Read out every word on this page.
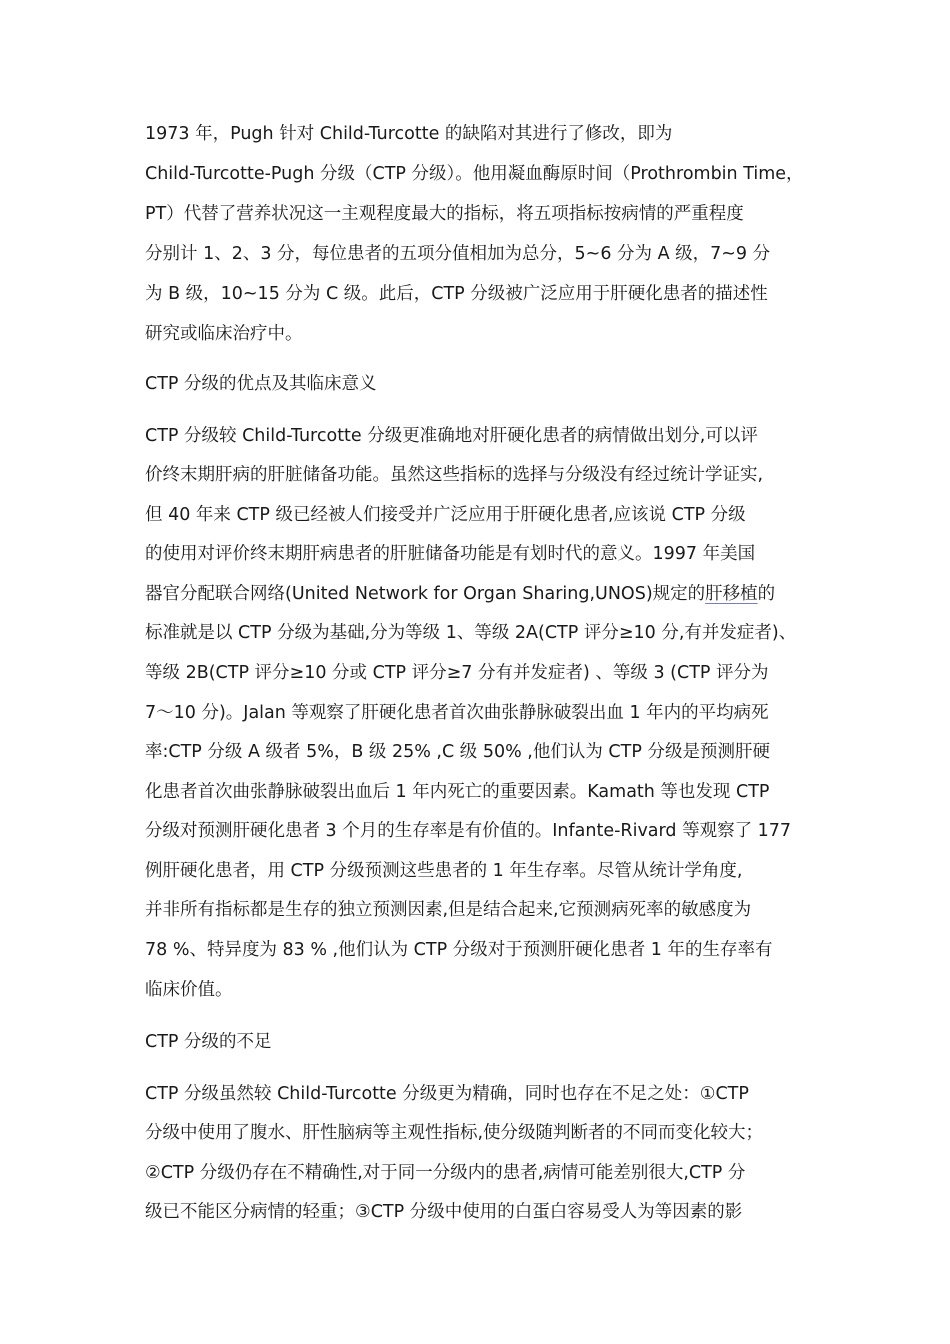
1973 年，Pugh 针对 Child-Turcotte 的缺陷对其进行了修改，即为
Child-Turcotte-Pugh 分级（CTP 分级）。他用凝血酶原时间（Prothrombin Time，
PT）代替了营养状况这一主观程度最大的指标，将五项指标按病情的严重程度
分别计 1、2、3 分，每位患者的五项分值相加为总分，5~6 分为 A 级，7~9 分
为 B 级，10~15 分为 C 级。此后，CTP 分级被广泛应用于肝硬化患者的描述性
研究或临床治疗中。
CTP 分级的优点及其临床意义
CTP 分级较 Child-Turcotte 分级更准确地对肝硬化患者的病情做出划分,可以评
价终末期肝病的肝脏储备功能。虽然这些指标的选择与分级没有经过统计学证实,
但 40 年来 CTP 级已经被人们接受并广泛应用于肝硬化患者,应该说 CTP 分级
的使用对评价终末期肝病患者的肝脏储备功能是有划时代的意义。1997 年美国
器官分配联合网络(United Network for Organ Sharing,UNOS)规定的肝移植的
标准就是以 CTP 分级为基础,分为等级 1、等级 2A(CTP 评分≥10 分,有并发症者)、
等级 2B(CTP 评分≥10 分或 CTP 评分≥7 分有并发症者) 、等级 3 (CTP 评分为
7～10 分)。Jalan 等观察了肝硬化患者首次曲张静脉破裂出血 1 年内的平均病死
率:CTP 分级 A 级者 5%，B 级 25% ,C 级 50% ,他们认为 CTP 分级是预测肝硬
化患者首次曲张静脉破裂出血后 1 年内死亡的重要因素。Kamath 等也发现 CTP
分级对预测肝硬化患者 3 个月的生存率是有价值的。Infante-Rivard 等观察了 177
例肝硬化患者，用 CTP 分级预测这些患者的 1 年生存率。尽管从统计学角度,
并非所有指标都是生存的独立预测因素,但是结合起来,它预测病死率的敏感度为
78 %、特异度为 83 % ,他们认为 CTP 分级对于预测肝硬化患者 1 年的生存率有
临床价值。
CTP 分级的不足
CTP 分级虽然较 Child-Turcotte 分级更为精确，同时也存在不足之处：①CTP
分级中使用了腹水、肝性脑病等主观性指标,使分级随判断者的不同而变化较大；
②CTP 分级仍存在不精确性,对于同一分级内的患者,病情可能差别很大,CTP 分
级已不能区分病情的轻重；③CTP 分级中使用的白蛋白容易受人为等因素的影
